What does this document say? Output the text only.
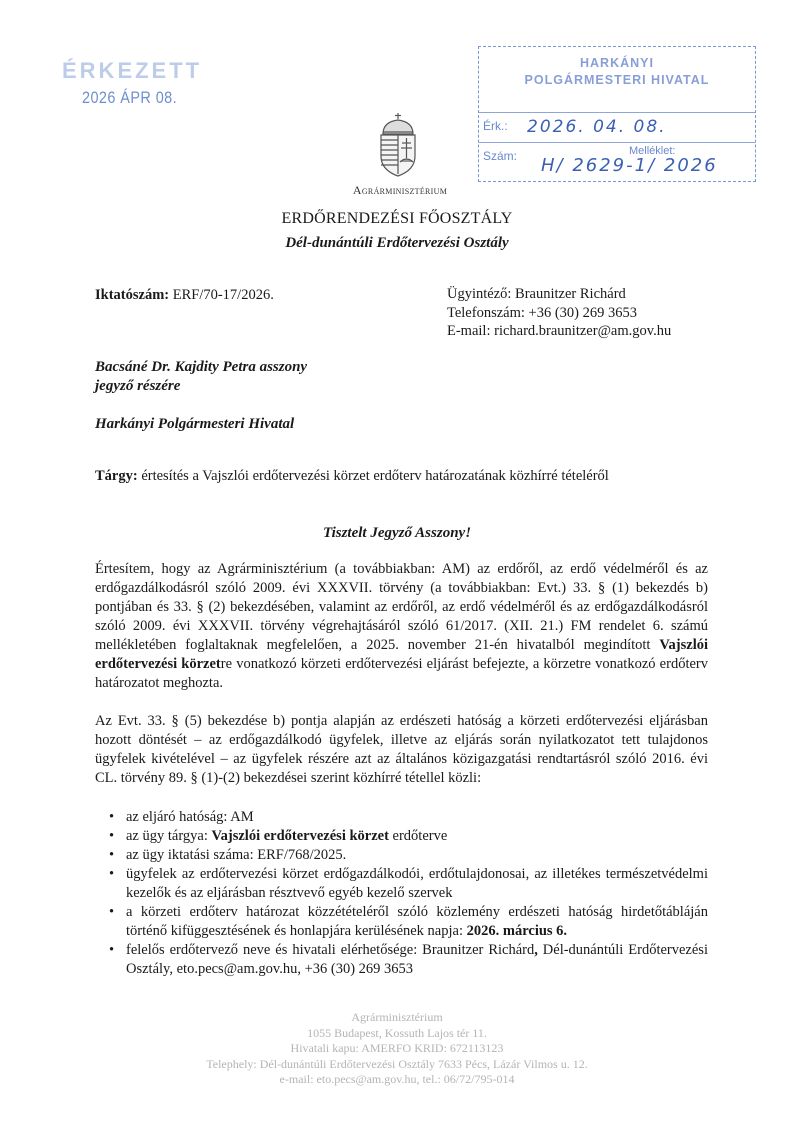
ÉRKEZETT
2026 ÁPR 08.
HARKÁNYI
POLGÁRMESTERI HIVATAL
Érk.: 2026. 04. 08.
Szám:	Melléklet:
H/ 2629-1/ 2026
Agrárminisztérium
ERDŐRENDEZÉSI FŐOSZTÁLY
Dél-dunántúli Erdőtervezési Osztály
Iktatószám: ERF/70-17/2026.	Ügyintéző: Braunitzer Richárd
Telefonszám: +36 (30) 269 3653
E-mail: richard.braunitzer@am.gov.hu
Bacsáné Dr. Kajdity Petra asszony
jegyző részére
Harkányi Polgármesteri Hivatal
Tárgy: értesítés a Vajszlói erdőtervezési körzet erdőterv határozatának közhírré tételéről
Tisztelt Jegyző Asszony!
Értesítem, hogy az Agrárminisztérium (a továbbiakban: AM) az erdőről, az erdő védelméről és az erdőgazdálkodásról szóló 2009. évi XXXVII. törvény (a továbbiakban: Evt.) 33. § (1) bekezdés b) pontjában és 33. § (2) bekezdésében, valamint az erdőről, az erdő védelméről és az erdőgazdálkodásról szóló 2009. évi XXXVII. törvény végrehajtásáról szóló 61/2017. (XII. 21.) FM rendelet 6. számú mellékletében foglaltaknak megfelelően, a 2025. november 21-én hivatalból megindított Vajszlói erdőtervezési körzetre vonatkozó körzeti erdőtervezési eljárást befejezte, a körzetre vonatkozó erdőterv határozatot meghozta.
Az Evt. 33. § (5) bekezdése b) pontja alapján az erdészeti hatóság a körzeti erdőtervezési eljárásban hozott döntését – az erdőgazdálkodó ügyfelek, illetve az eljárás során nyilatkozatot tett tulajdonos ügyfelek kivételével – az ügyfelek részére azt az általános közigazgatási rendtartásról szóló 2016. évi CL. törvény 89. § (1)-(2) bekezdései szerint közhírré tétellel közli:
• az eljáró hatóság: AM
• az ügy tárgya: Vajszlói erdőtervezési körzet erdőterve
• az ügy iktatási száma: ERF/768/2025.
• ügyfelek az erdőtervezési körzet erdőgazdálkodói, erdőtulajdonosai, az illetékes természetvédelmi kezelők és az eljárásban résztvevő egyéb kezelő szervek
• a körzeti erdőterv határozat közzétételéről szóló közlemény erdészeti hatóság hirdetőtábláján történő kifüggesztésének és honlapjára kerülésének napja: 2026. március 6.
• felelős erdőtervező neve és hivatali elérhetősége: Braunitzer Richárd, Dél-dunántúli Erdőtervezési Osztály, eto.pecs@am.gov.hu, +36 (30) 269 3653
Agrárminisztérium
1055 Budapest, Kossuth Lajos tér 11.
Hivatali kapu: AMERFO KRID: 672113123
Telephely: Dél-dunántúli Erdőtervezési Osztály 7633 Pécs, Lázár Vilmos u. 12.
e-mail: eto.pecs@am.gov.hu, tel.: 06/72/795-014
